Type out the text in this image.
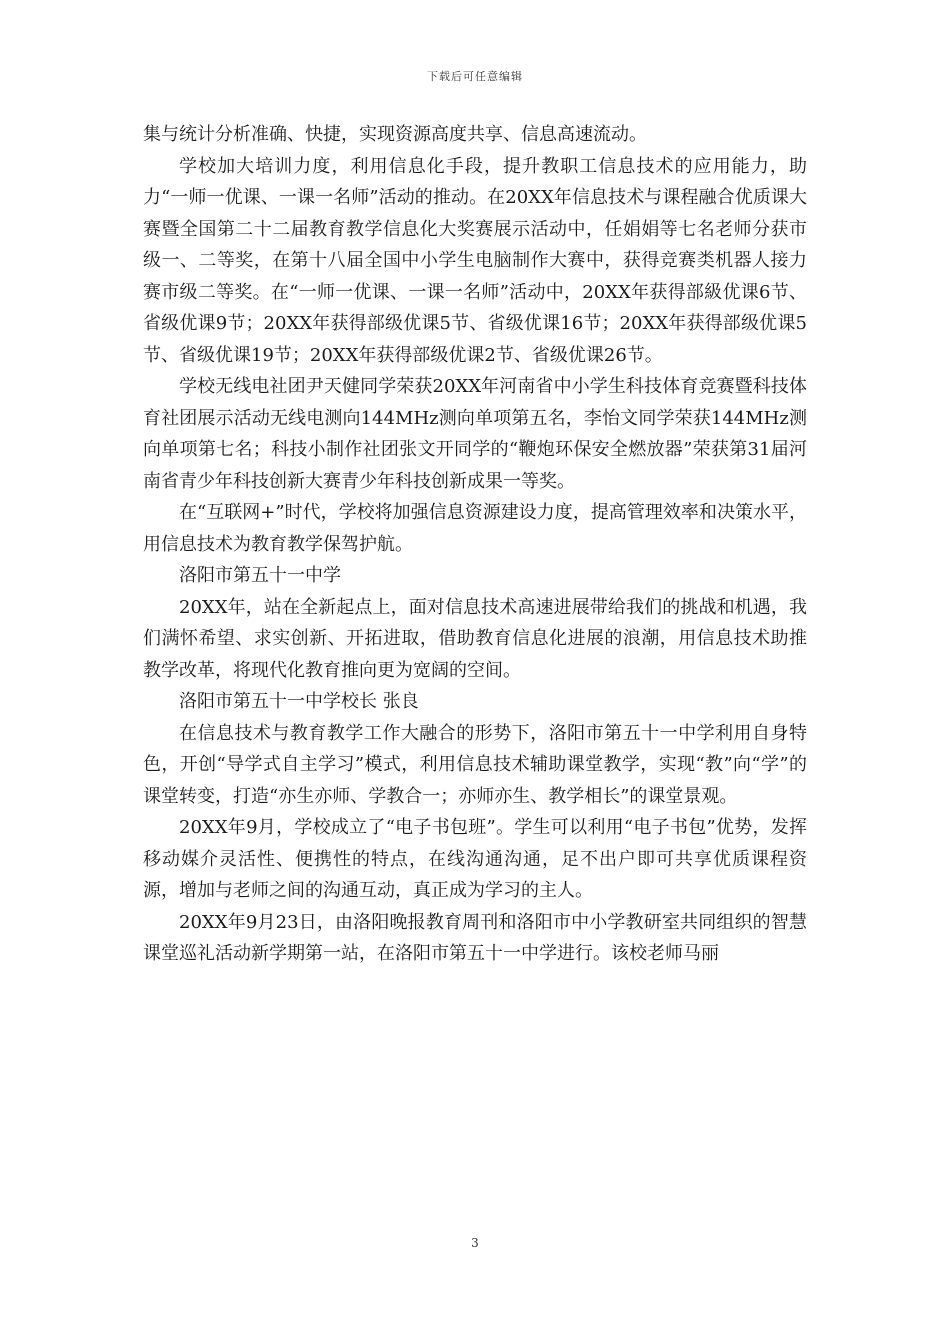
下载后可任意编辑

集与统计分析准确、快捷，实现资源高度共享、信息高速流动。

学校加大培训力度，利用信息化手段，提升教职工信息技术的应用能力，助力“一师一优课、一课一名师”活动的推动。在20XX年信息技术与课程融合优质课大赛暨全国第二十二届教育教学信息化大奖赛展示活动中，任娟娟等七名老师分获市级一、二等奖，在第十八届全国中小学生电脑制作大赛中，获得竞赛类机器人接力赛市级二等奖。在“一师一优课、一课一名师”活动中，20XX年获得部級优课6节、省级优课9节；20XX年获得部级优课5节、省级优课16节；20XX年获得部级优课5节、省级优课19节；20XX年获得部级优课2节、省级优课26节。

学校无线电社团尹天健同学荣获20XX年河南省中小学生科技体育竞赛暨科技体育社团展示活动无线电测向144MHz测向单项第五名，李怡文同学荣获144MHz测向单项第七名；科技小制作社团张文开同学的“鞭炮环保安全燃放器”荣获第31届河南省青少年科技创新大赛青少年科技创新成果一等奖。

在“互联网+”时代，学校将加强信息资源建设力度，提高管理效率和决策水平，用信息技术为教育教学保驾护航。

洛阳市第五十一中学

20XX年，站在全新起点上，面对信息技术高速进展带给我们的挑战和机遇，我们满怀希望、求实创新、开拓进取，借助教育信息化进展的浪潮，用信息技术助推教学改革，将现代化教育推向更为宽阔的空间。

洛阳市第五十一中学校长 张良

在信息技术与教育教学工作大融合的形势下，洛阳市第五十一中学利用自身特色，开创“导学式自主学习”模式，利用信息技术辅助课堂教学，实现“教”向“学”的课堂转变，打造“亦生亦师、学教合一；亦师亦生、教学相长”的课堂景观。

20XX年9月，学校成立了“电子书包班”。学生可以利用“电子书包”优势，发挥移动媒介灵活性、便携性的特点，在线沟通沟通，足不出户即可共享优质课程资源，增加与老师之间的沟通互动，真正成为学习的主人。

20XX年9月23日，由洛阳晚报教育周刊和洛阳市中小学教研室共同组织的智慧课堂巡礼活动新学期第一站，在洛阳市第五十一中学进行。该校老师马丽

3
